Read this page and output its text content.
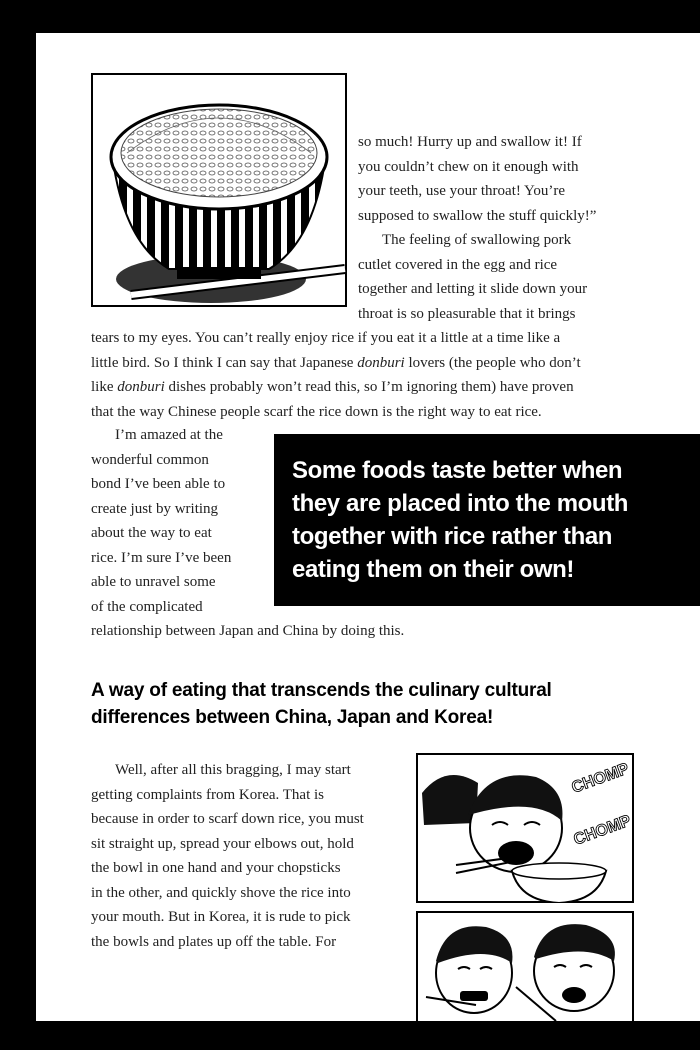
so much! Hurry up and swallow it! If

you couldn’t chew on it enough with

your teeth, use your throat! You’re

supposed to swallow the stuff quickly!”

The feeling of swallowing pork

cutlet covered in the egg and rice

together and letting it slide down your

throat is so pleasurable that it brings

tears to my eyes. You can’t really enjoy rice if you eat it a little at a time like a

little bird. So I think I can say that Japanese donburi lovers (the people who don’t

like donburi dishes probably won’t read this, so I’m ignoring them) have proven

that the way Chinese people scarf the rice down is the right way to eat rice.

I’m amazed at the

wonderful common

bond I’ve been able to

create just by writing

about the way to eat

rice. I’m sure I’ve been

able to unravel some

of the complicated

relationship between Japan and China by doing this.

Some foods taste better when
they are placed into the mouth
together with rice rather than
eating them on their own!
A way of eating that transcends the culinary cultural
differences between China, Japan and Korea!

Well, after all this bragging, I may start

getting complaints from Korea. That is

because in order to scarf down rice, you must

sit straight up, spread your elbows out, hold

the bowl in one hand and your chopsticks

in the other, and quickly shove the rice into

your mouth. But in Korea, it is rude to pick

the bowls and plates up off the table. For

CHOMP
CHOMP
